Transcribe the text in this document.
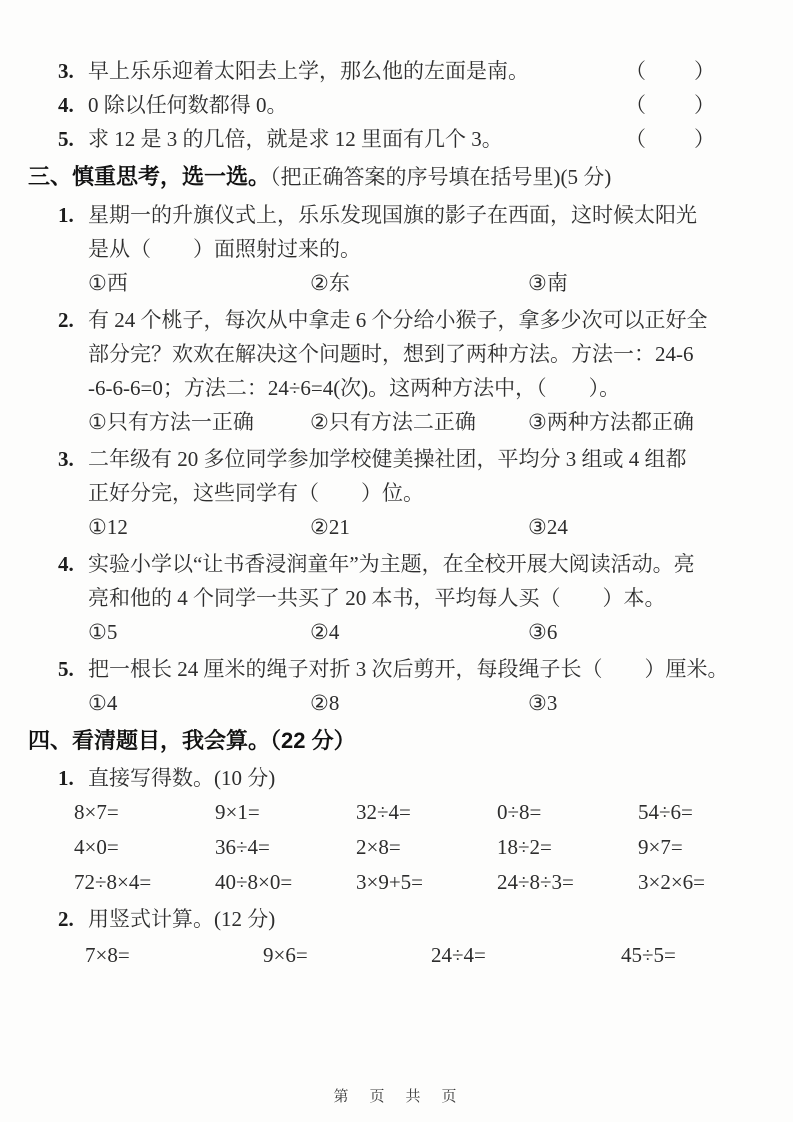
3. 早上乐乐迎着太阳去上学，那么他的左面是南。	（　　）
4. 0 除以任何数都得 0。	（　　）
5. 求 12 是 3 的几倍，就是求 12 里面有几个 3。	（　　）
三、慎重思考，选一选。（把正确答案的序号填在括号里)(5 分)
1. 星期一的升旗仪式上，乐乐发现国旗的影子在西面，这时候太阳光
是从（　　）面照射过来的。
①西	②东	③南
2. 有 24 个桃子，每次从中拿走 6 个分给小猴子，拿多少次可以正好全
部分完？欢欢在解决这个问题时，想到了两种方法。方法一：24-6
-6-6-6=0；方法二：24÷6=4(次)。这两种方法中，（　　）。
①只有方法一正确	②只有方法二正确	③两种方法都正确
3. 二年级有 20 多位同学参加学校健美操社团，平均分 3 组或 4 组都
正好分完，这些同学有（　　）位。
①12	②21	③24
4. 实验小学以“让书香浸润童年”为主题，在全校开展大阅读活动。亮
亮和他的 4 个同学一共买了 20 本书，平均每人买（　　）本。
①5	②4	③6
5. 把一根长 24 厘米的绳子对折 3 次后剪开，每段绳子长（　　）厘米。
①4	②8	③3
四、看清题目，我会算。（22 分）
1. 直接写得数。(10 分)
8×7=	9×1=	32÷4=	0÷8=	54÷6=
4×0=	36÷4=	2×8=	18÷2=	9×7=
72÷8×4=	40÷8×0=	3×9+5=	24÷8÷3=	3×2×6=
2. 用竖式计算。(12 分)
7×8=	9×6=	24÷4=	45÷5=
第　页　共　页
